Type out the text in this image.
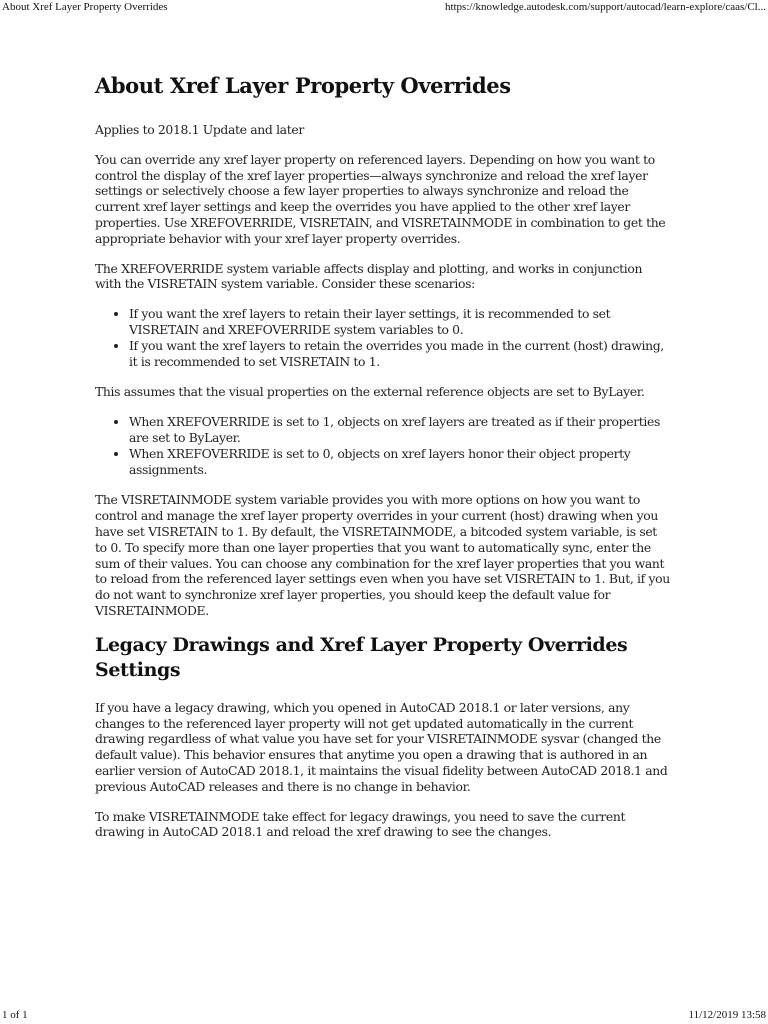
About Xref Layer Property Overrides	https://knowledge.autodesk.com/support/autocad/learn-explore/caas/Cl...
About Xref Layer Property Overrides

Applies to 2018.1 Update and later

You can override any xref layer property on referenced layers. Depending on how you want to control the display of the xref layer properties—always synchronize and reload the xref layer settings or selectively choose a few layer properties to always synchronize and reload the current xref layer settings and keep the overrides you have applied to the other xref layer properties. Use XREFOVERRIDE, VISRETAIN, and VISRETAINMODE in combination to get the appropriate behavior with your xref layer property overrides.

The XREFOVERRIDE system variable affects display and plotting, and works in conjunction with the VISRETAIN system variable. Consider these scenarios:

• If you want the xref layers to retain their layer settings, it is recommended to set VISRETAIN and XREFOVERRIDE system variables to 0.
• If you want the xref layers to retain the overrides you made in the current (host) drawing, it is recommended to set VISRETAIN to 1.

This assumes that the visual properties on the external reference objects are set to ByLayer.

• When XREFOVERRIDE is set to 1, objects on xref layers are treated as if their properties are set to ByLayer.
• When XREFOVERRIDE is set to 0, objects on xref layers honor their object property assignments.

The VISRETAINMODE system variable provides you with more options on how you want to control and manage the xref layer property overrides in your current (host) drawing when you have set VISRETAIN to 1. By default, the VISRETAINMODE, a bitcoded system variable, is set to 0. To specify more than one layer properties that you want to automatically sync, enter the sum of their values. You can choose any combination for the xref layer properties that you want to reload from the referenced layer settings even when you have set VISRETAIN to 1. But, if you do not want to synchronize xref layer properties, you should keep the default value for VISRETAINMODE.

Legacy Drawings and Xref Layer Property Overrides Settings

If you have a legacy drawing, which you opened in AutoCAD 2018.1 or later versions, any changes to the referenced layer property will not get updated automatically in the current drawing regardless of what value you have set for your VISRETAINMODE sysvar (changed the default value). This behavior ensures that anytime you open a drawing that is authored in an earlier version of AutoCAD 2018.1, it maintains the visual fidelity between AutoCAD 2018.1 and previous AutoCAD releases and there is no change in behavior.

To make VISRETAINMODE take effect for legacy drawings, you need to save the current drawing in AutoCAD 2018.1 and reload the xref drawing to see the changes.

1 of 1	11/12/2019 13:58
